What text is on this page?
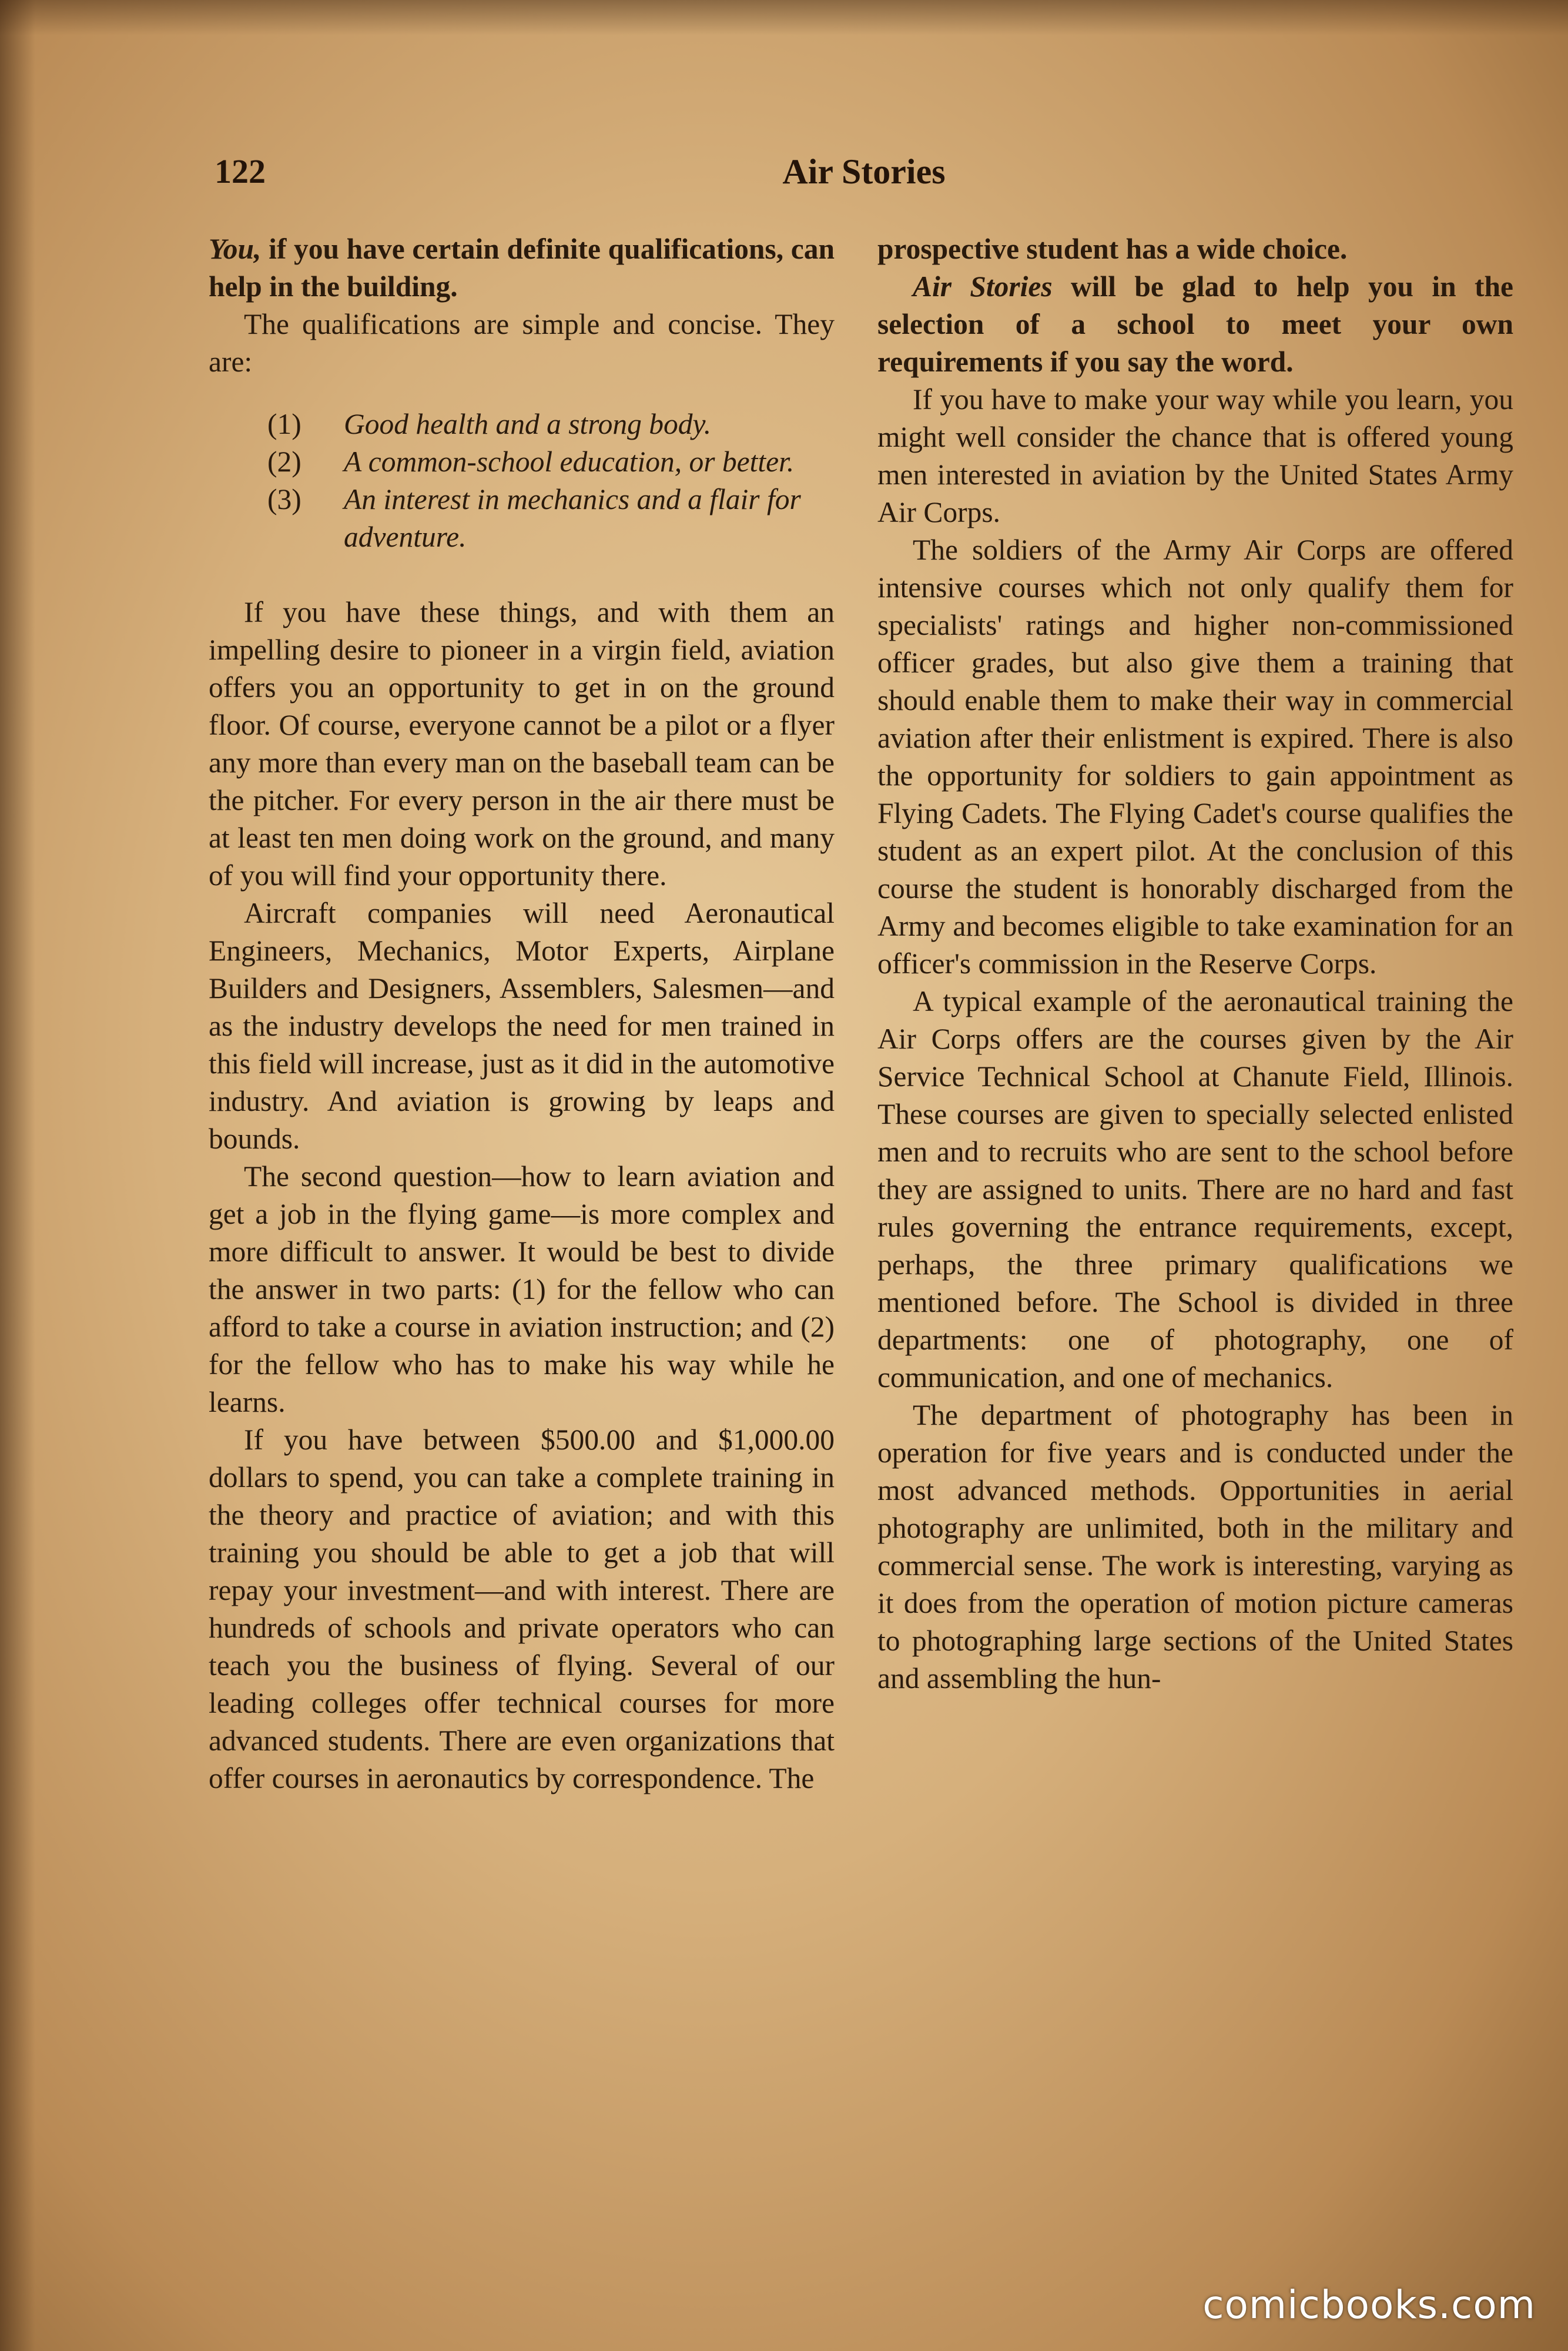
122	Air Stories

You, if you have certain definite qualifications, can help in the building.

The qualifications are simple and concise. They are:

(1) Good health and a strong body.
(2) A common-school education, or better.
(3) An interest in mechanics and a flair for adventure.

If you have these things, and with them an impelling desire to pioneer in a virgin field, aviation offers you an opportunity to get in on the ground floor. Of course, everyone cannot be a pilot or a flyer any more than every man on the baseball team can be the pitcher. For every person in the air there must be at least ten men doing work on the ground, and many of you will find your opportunity there.

Aircraft companies will need Aeronautical Engineers, Mechanics, Motor Experts, Airplane Builders and Designers, Assemblers, Salesmen—and as the industry develops the need for men trained in this field will increase, just as it did in the automotive industry. And aviation is growing by leaps and bounds.

The second question—how to learn aviation and get a job in the flying game—is more complex and more difficult to answer. It would be best to divide the answer in two parts: (1) for the fellow who can afford to take a course in aviation instruction; and (2) for the fellow who has to make his way while he learns.

If you have between $500.00 and $1,000.00 dollars to spend, you can take a complete training in the theory and practice of aviation; and with this training you should be able to get a job that will repay your investment—and with interest. There are hundreds of schools and private operators who can teach you the business of flying. Several of our leading colleges offer technical courses for more advanced students. There are even organizations that offer courses in aeronautics by correspondence. The

prospective student has a wide choice.

Air Stories will be glad to help you in the selection of a school to meet your own requirements if you say the word.

If you have to make your way while you learn, you might well consider the chance that is offered young men interested in aviation by the United States Army Air Corps.

The soldiers of the Army Air Corps are offered intensive courses which not only qualify them for specialists' ratings and higher non-commissioned officer grades, but also give them a training that should enable them to make their way in commercial aviation after their enlistment is expired. There is also the opportunity for soldiers to gain appointment as Flying Cadets. The Flying Cadet's course qualifies the student as an expert pilot. At the conclusion of this course the student is honorably discharged from the Army and becomes eligible to take examination for an officer's commission in the Reserve Corps.

A typical example of the aeronautical training the Air Corps offers are the courses given by the Air Service Technical School at Chanute Field, Illinois. These courses are given to specially selected enlisted men and to recruits who are sent to the school before they are assigned to units. There are no hard and fast rules governing the entrance requirements, except, perhaps, the three primary qualifications we mentioned before. The School is divided in three departments: one of photography, one of communication, and one of mechanics.

The department of photography has been in operation for five years and is conducted under the most advanced methods. Opportunities in aerial photography are unlimited, both in the military and commercial sense. The work is interesting, varying as it does from the operation of motion picture cameras to photographing large sections of the United States and assembling the hun-

comicbooks.com
